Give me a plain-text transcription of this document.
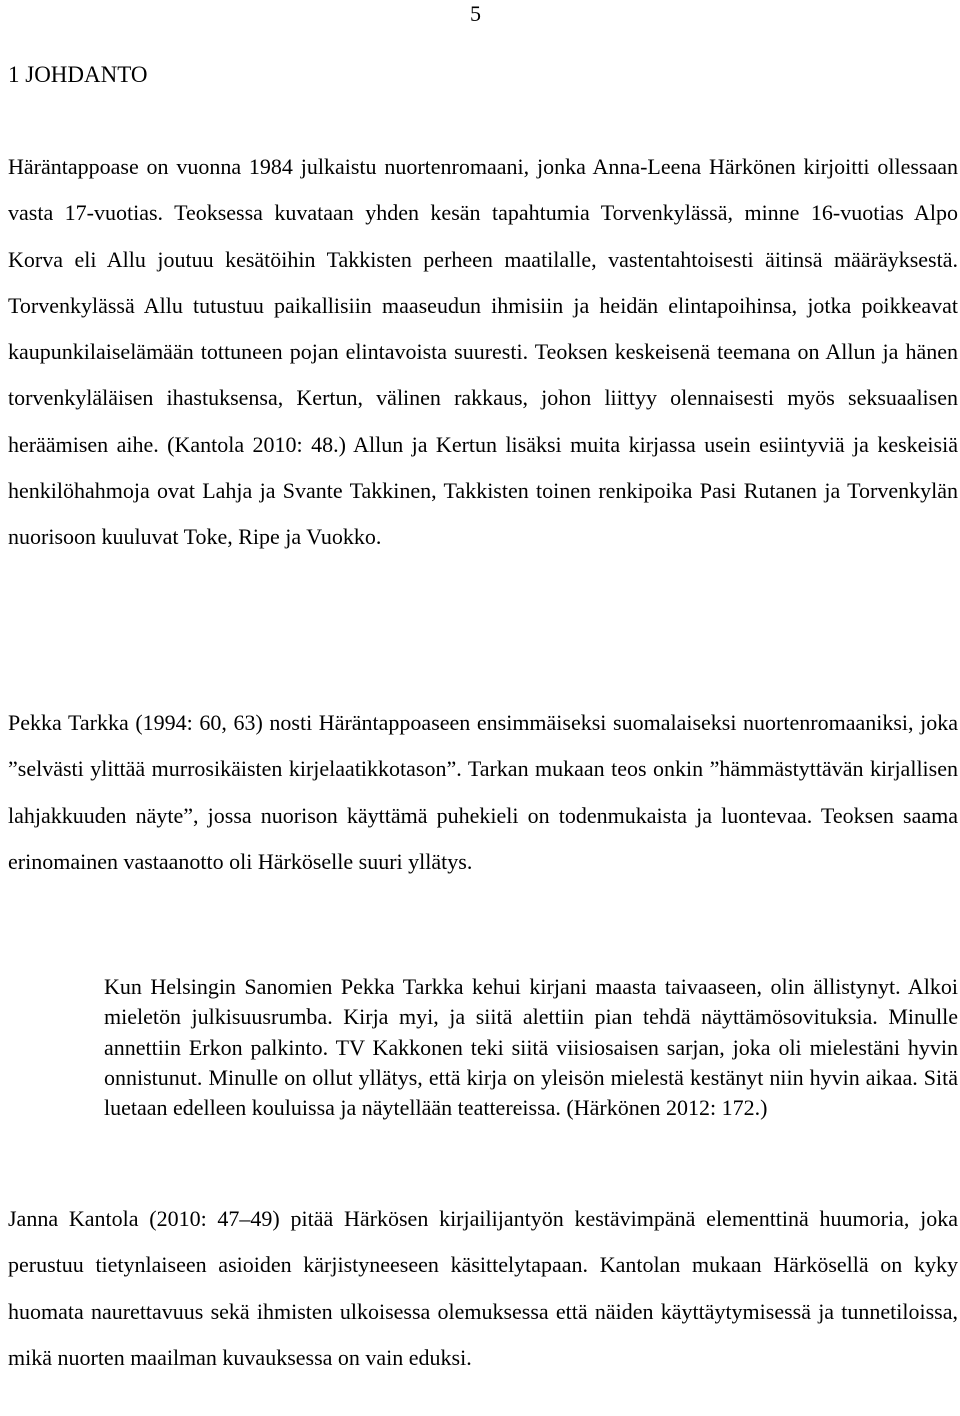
5
1 JOHDANTO

Häräntappoase on vuonna 1984 julkaistu nuortenromaani, jonka Anna-Leena Härkönen kirjoitti ollessaan vasta 17-vuotias. Teoksessa kuvataan yhden kesän tapahtumia Torvenkylässä, minne 16-vuotias Alpo Korva eli Allu joutuu kesätöihin Takkisten perheen maatilalle, vastentahtoisesti äitinsä määräyksestä. Torvenkylässä Allu tutustuu paikallisiin maaseudun ihmisiin ja heidän elintapoihinsa, jotka poikkeavat kaupunkilaiselämään tottuneen pojan elintavoista suuresti. Teoksen keskeisenä teemana on Allun ja hänen torvenkyläläisen ihastuksensa, Kertun, välinen rakkaus, johon liittyy olennaisesti myös seksuaalisen heräämisen aihe. (Kantola 2010: 48.) Allun ja Kertun lisäksi muita kirjassa usein esiintyviä ja keskeisiä henkilöhahmoja ovat Lahja ja Svante Takkinen, Takkisten toinen renkipoika Pasi Rutanen ja Torvenkylän nuorisoon kuuluvat Toke, Ripe ja Vuokko.

Pekka Tarkka (1994: 60, 63) nosti Häräntappoaseen ensimmäiseksi suomalaiseksi nuortenromaaniksi, joka ”selvästi ylittää murrosikäisten kirjelaatikkotason”. Tarkan mukaan teos onkin ”hämmästyttävän kirjallisen lahjakkuuden näyte”, jossa nuorison käyttämä puhekieli on todenmukaista ja luontevaa. Teoksen saama erinomainen vastaanotto oli Härköselle suuri yllätys.

Kun Helsingin Sanomien Pekka Tarkka kehui kirjani maasta taivaaseen, olin ällistynyt. Alkoi mieletön julkisuusrumba. Kirja myi, ja siitä alettiin pian tehdä näyttämösovituksia. Minulle annettiin Erkon palkinto. TV Kakkonen teki siitä viisiosaisen sarjan, joka oli mielestäni hyvin onnistunut. Minulle on ollut yllätys, että kirja on yleisön mielestä kestänyt niin hyvin aikaa. Sitä luetaan edelleen kouluissa ja näytellään teattereissa. (Härkönen 2012: 172.)

Janna Kantola (2010: 47–49) pitää Härkösen kirjailijantyön kestävimpänä elementtinä huumoria, joka perustuu tietynlaiseen asioiden kärjistyneeseen käsittelytapaan. Kantolan mukaan Härkösellä on kyky huomata naurettavuus sekä ihmisten ulkoisessa olemuksessa että näiden käyttäytymisessä ja tunnetiloissa, mikä nuorten maailman kuvauksessa on vain eduksi.
